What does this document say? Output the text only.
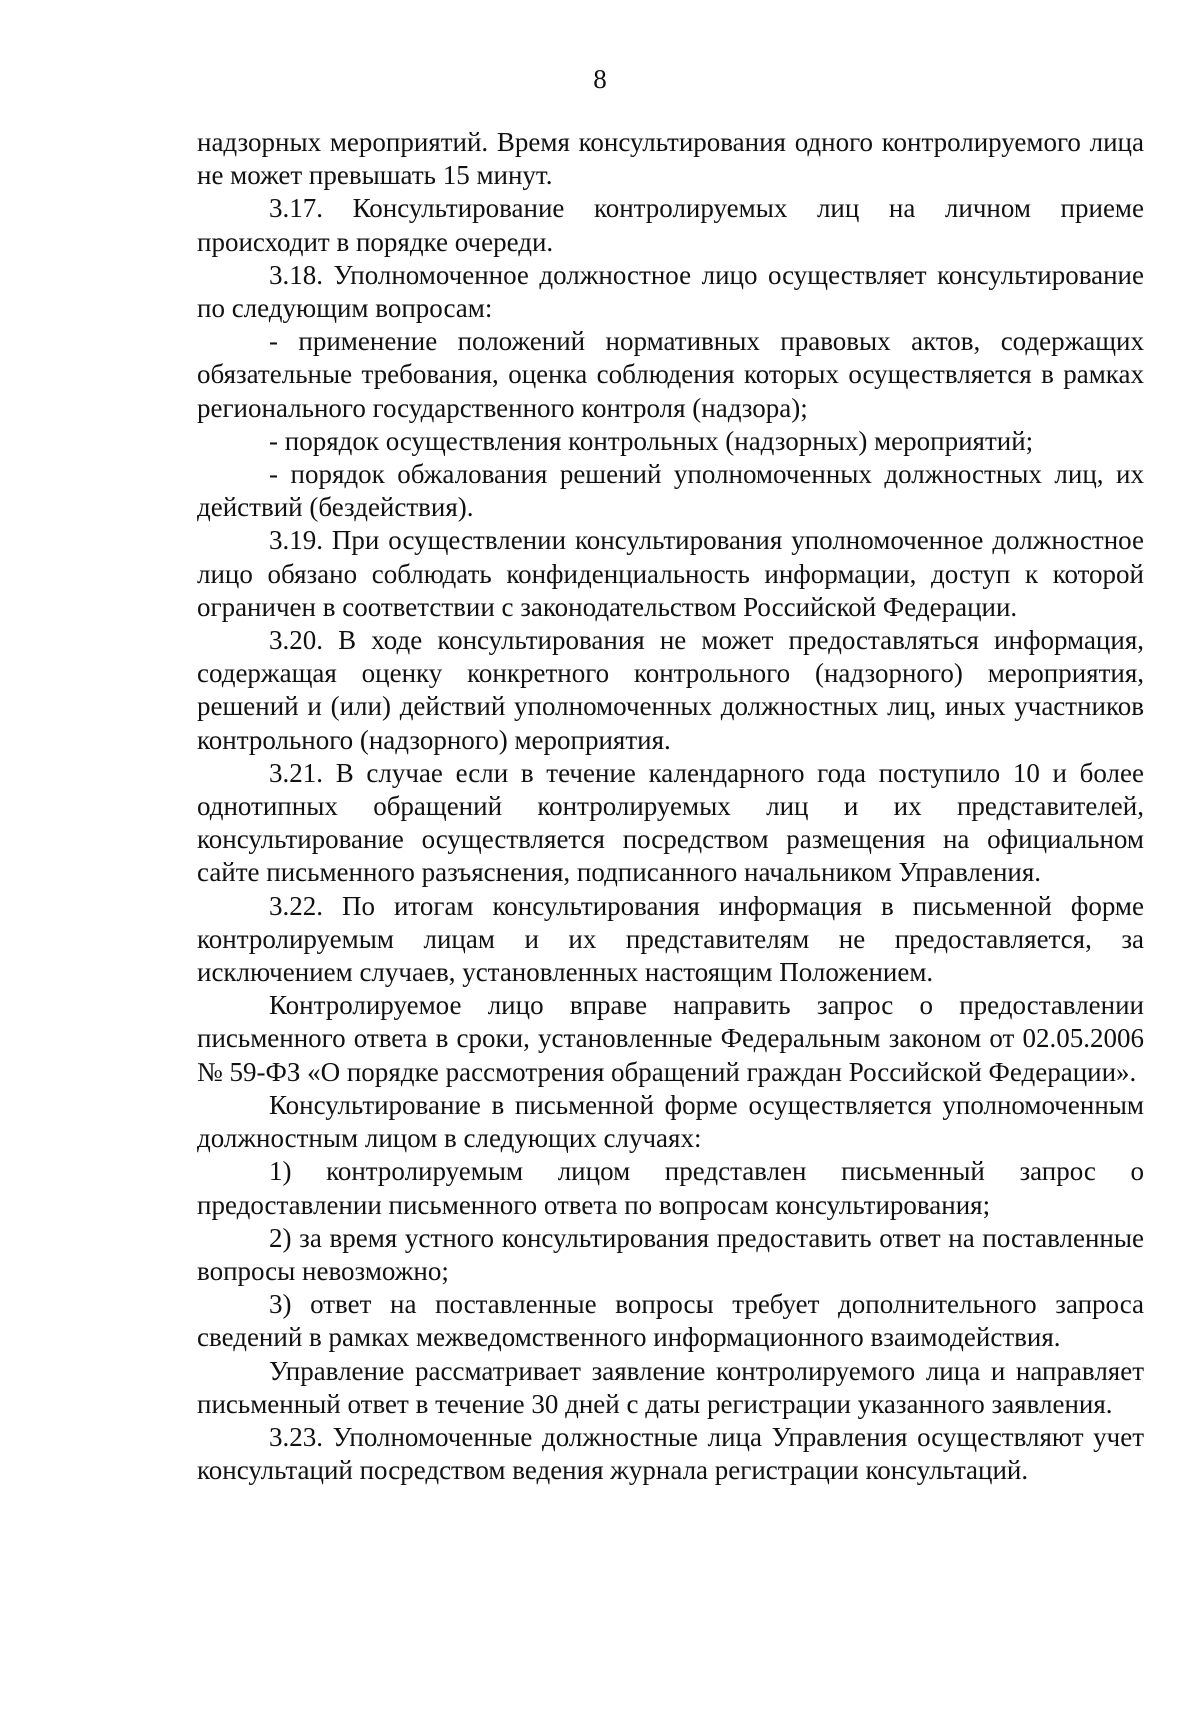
8

надзорных мероприятий. Время консультирования одного контролируемого лица не может превышать 15 минут.

3.17. Консультирование контролируемых лиц на личном приеме происходит в порядке очереди.

3.18. Уполномоченное должностное лицо осуществляет консультирование по следующим вопросам:

- применение положений нормативных правовых актов, содержащих обязательные требования, оценка соблюдения которых осуществляется в рамках регионального государственного контроля (надзора);

- порядок осуществления контрольных (надзорных) мероприятий;

- порядок обжалования решений уполномоченных должностных лиц, их действий (бездействия).

3.19. При осуществлении консультирования уполномоченное должностное лицо обязано соблюдать конфиденциальность информации, доступ к которой ограничен в соответствии с законодательством Российской Федерации.

3.20. В ходе консультирования не может предоставляться информация, содержащая оценку конкретного контрольного (надзорного) мероприятия, решений и (или) действий уполномоченных должностных лиц, иных участников контрольного (надзорного) мероприятия.

3.21. В случае если в течение календарного года поступило 10 и более однотипных обращений контролируемых лиц и их представителей, консультирование осуществляется посредством размещения на официальном сайте письменного разъяснения, подписанного начальником Управления.

3.22. По итогам консультирования информация в письменной форме контролируемым лицам и их представителям не предоставляется, за исключением случаев, установленных настоящим Положением.

Контролируемое лицо вправе направить запрос о предоставлении письменного ответа в сроки, установленные Федеральным законом от 02.05.2006 № 59-ФЗ «О порядке рассмотрения обращений граждан Российской Федерации».

Консультирование в письменной форме осуществляется уполномоченным должностным лицом в следующих случаях:

1) контролируемым лицом представлен письменный запрос о предоставлении письменного ответа по вопросам консультирования;

2) за время устного консультирования предоставить ответ на поставленные вопросы невозможно;

3) ответ на поставленные вопросы требует дополнительного запроса сведений в рамках межведомственного информационного взаимодействия.

Управление рассматривает заявление контролируемого лица и направляет письменный ответ в течение 30 дней с даты регистрации указанного заявления.

3.23. Уполномоченные должностные лица Управления осуществляют учет консультаций посредством ведения журнала регистрации консультаций.
